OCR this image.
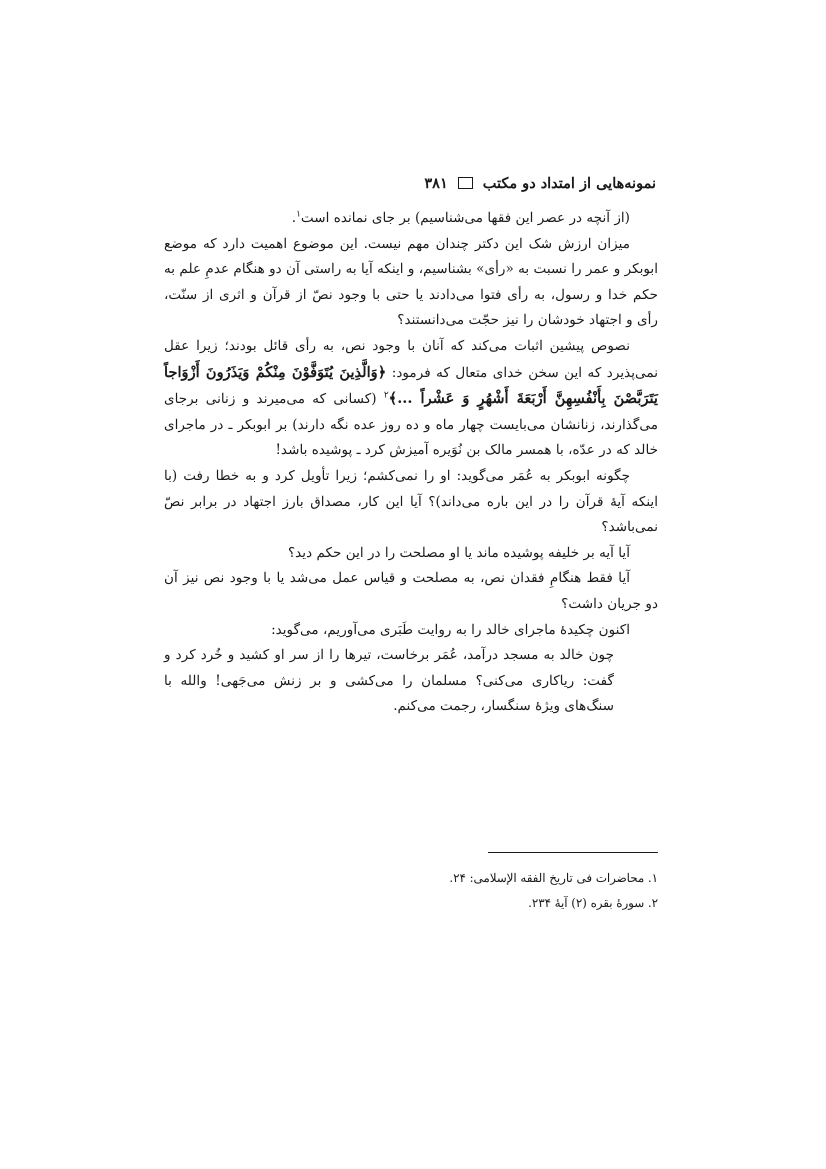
نمونه‌هایی از امتداد دو مکتب
۳۸۱

(از آنچه در عصر این فقها می‌شناسیم) بر جای نمانده است$^۱$.

میزان ارزش شک این دکتر چندان مهم نیست. این موضوع اهمیت دارد که موضع ابوبکر و عمر را نسبت به «رأی» بشناسیم، و اینکه آیا به راستی آن دو هنگام عدمِ علم به حکم خدا و رسول، به رأی فتوا می‌دادند یا حتی با وجود نصّ از قرآن و اثری از سنّت، رأی و اجتهاد خودشان را نیز حجّت می‌دانستند؟

نصوص پیشین اثبات می‌کند که آنان با وجود نص، به رأی قائل بودند؛ زیرا عقل نمی‌پذیرد که این سخن خدای متعال که فرمود: ﴿وَالَّذِينَ يُتَوَفَّوْنَ مِنْكُمْ وَيَذَرُونَ أَزْوَاجاً يَتَرَبَّصْنَ بِأَنْفُسِهِنَّ أَرْبَعَةَ أَشْهُرٍ وَ عَشْراً ...﴾$^۲$ (کسانی که می‌میرند و زنانی برجای می‌گذارند، زنانشان می‌بایست چهار ماه و ده روز عده نگه دارند) بر ابوبکر ـ در ماجرای خالد که در عدّه، با همسر مالک بن نُوَیره آمیزش کرد ـ پوشیده باشد!

چگونه ابوبکر به عُمَر می‌گوید: او را نمی‌کشم؛ زیرا تأویل کرد و به خطا رفت (با اینکه آیهٔ قرآن را در این باره می‌داند)؟ آیا این کار، مصداق بارز اجتهاد در برابر نصّ نمی‌باشد؟

آیا آیه بر خلیفه پوشیده ماند یا او مصلحت را در این حکم دید؟

آیا فقط هنگامِ فقدان نص، به مصلحت و قیاس عمل می‌شد یا با وجود نص نیز آن دو جریان داشت؟

اکنون چکیدهٔ ماجرای خالد را به روایت طَبَری می‌آوریم، می‌گوید:

چون خالد به مسجد درآمد، عُمَر برخاست، تیرها را از سر او کشید و خُرد کرد و گفت: ریاکاری می‌کنی؟ مسلمان را می‌کشی و بر زنش می‌جَهی! والله با سنگ‌های ویژهٔ سنگسار، رجمت می‌کنم.

۱. محاضرات فی تاریخ الفقه الإسلامی: ۲۴.
۲. سورهٔ بقره (۲) آیهٔ ۲۳۴.
